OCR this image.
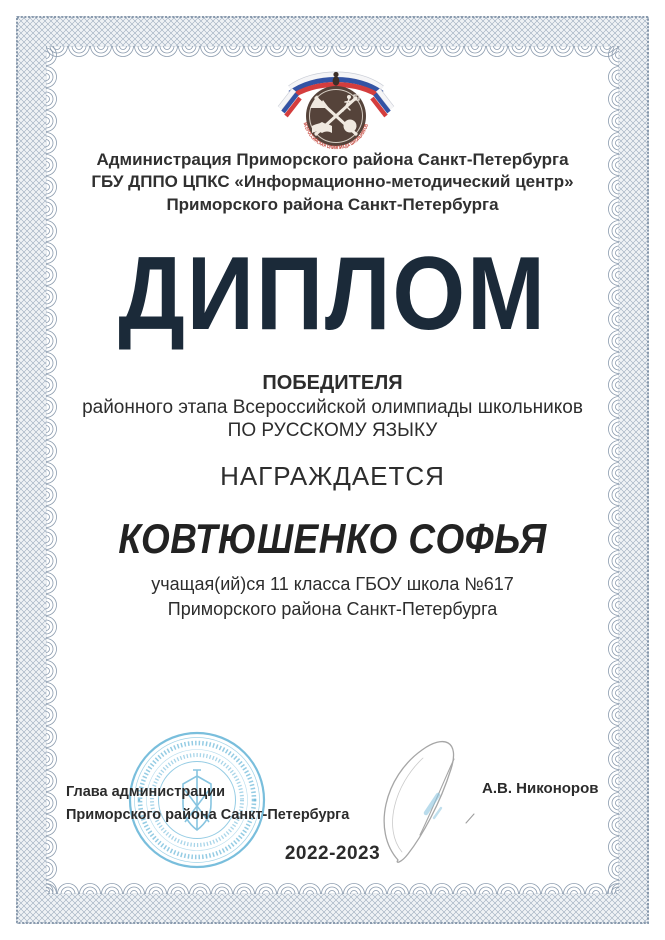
ВСЕРОССИЙСКАЯ ОЛИМПИАДА ШКОЛЬНИКОВ
Администрация Приморского района Санкт-Петербурга
ГБУ ДППО ЦПКС «Информационно-методический центр»
Приморского района Санкт-Петербурга
ДИПЛОМ
ПОБЕДИТЕЛЯ
районного этапа Всероссийской олимпиады школьников
ПО РУССКОМУ ЯЗЫКУ
НАГРАЖДАЕТСЯ
КОВТЮШЕНКО СОФЬЯ
учащая(ий)ся 11 класса ГБОУ школа №617
Приморского района Санкт-Петербурга
Глава администрации
Приморского района Санкт-Петербурга
А.В. Никоноров
2022-2023
